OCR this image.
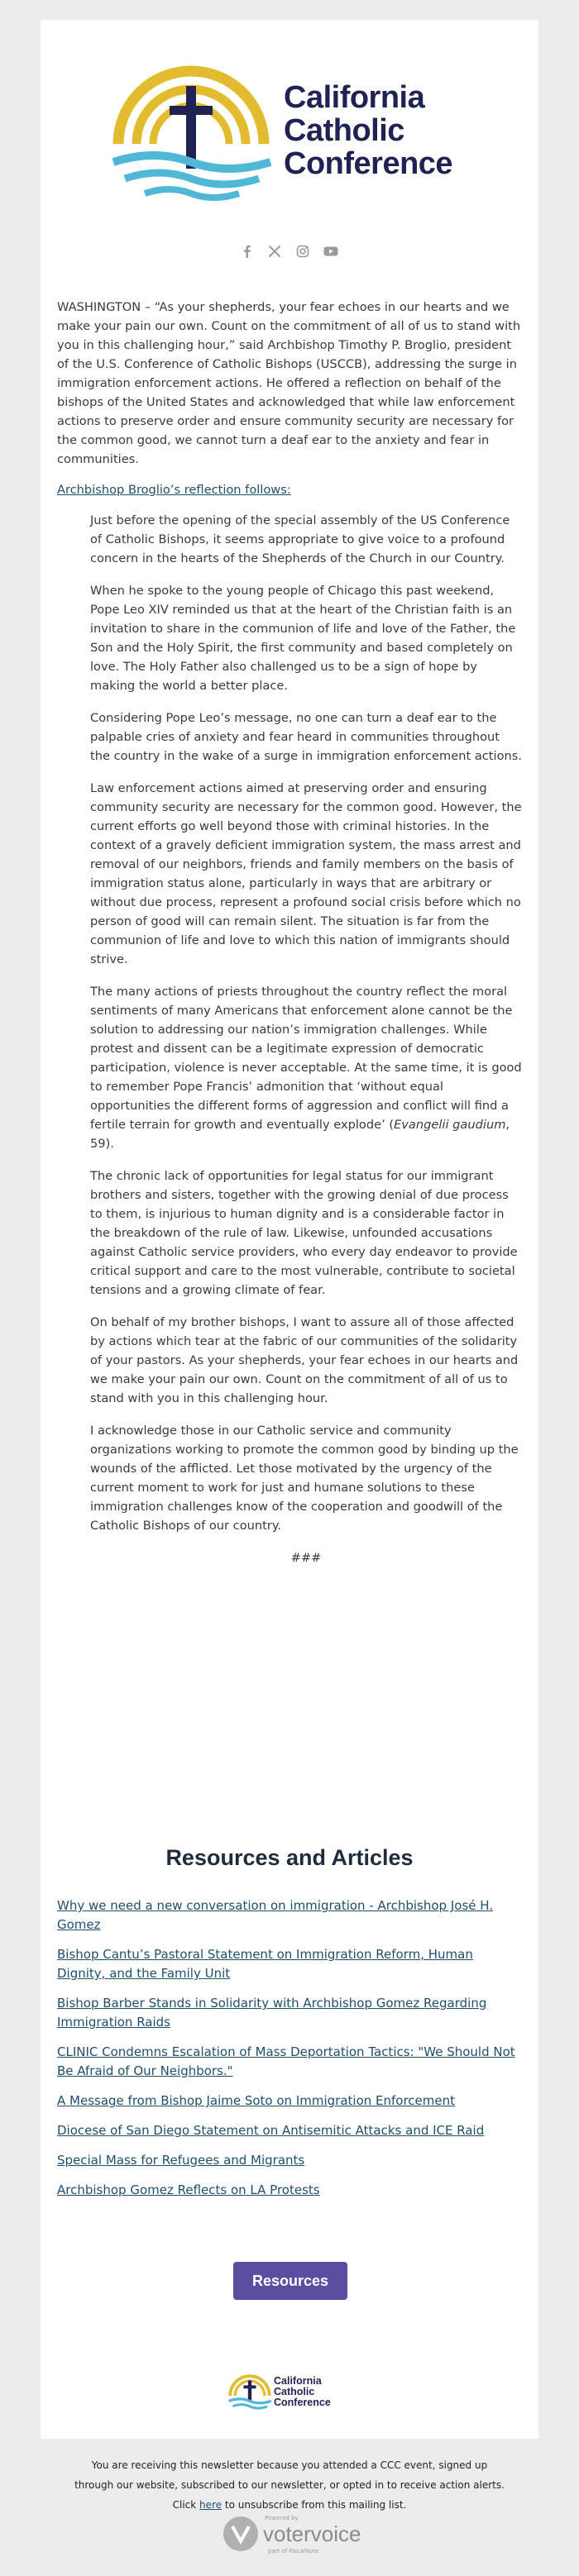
California
Catholic
Conference

WASHINGTON – “As your shepherds, your fear echoes in our hearts and we make your pain our own. Count on the commitment of all of us to stand with you in this challenging hour,” said Archbishop Timothy P. Broglio, president of the U.S. Conference of Catholic Bishops (USCCB), addressing the surge in immigration enforcement actions. He offered a reflection on behalf of the bishops of the United States and acknowledged that while law enforcement actions to preserve order and ensure community security are necessary for the common good, we cannot turn a deaf ear to the anxiety and fear in communities.

Archbishop Broglio’s reflection follows:

Just before the opening of the special assembly of the US Conference of Catholic Bishops, it seems appropriate to give voice to a profound concern in the hearts of the Shepherds of the Church in our Country.

When he spoke to the young people of Chicago this past weekend, Pope Leo XIV reminded us that at the heart of the Christian faith is an invitation to share in the communion of life and love of the Father, the Son and the Holy Spirit, the first community and based completely on love. The Holy Father also challenged us to be a sign of hope by making the world a better place.

Considering Pope Leo’s message, no one can turn a deaf ear to the palpable cries of anxiety and fear heard in communities throughout the country in the wake of a surge in immigration enforcement actions.

Law enforcement actions aimed at preserving order and ensuring community security are necessary for the common good. However, the current efforts go well beyond those with criminal histories. In the context of a gravely deficient immigration system, the mass arrest and removal of our neighbors, friends and family members on the basis of immigration status alone, particularly in ways that are arbitrary or without due process, represent a profound social crisis before which no person of good will can remain silent. The situation is far from the communion of life and love to which this nation of immigrants should strive.

The many actions of priests throughout the country reflect the moral sentiments of many Americans that enforcement alone cannot be the solution to addressing our nation’s immigration challenges. While protest and dissent can be a legitimate expression of democratic participation, violence is never acceptable. At the same time, it is good to remember Pope Francis’ admonition that ‘without equal opportunities the different forms of aggression and conflict will find a fertile terrain for growth and eventually explode’ (Evangelii gaudium, 59).

The chronic lack of opportunities for legal status for our immigrant brothers and sisters, together with the growing denial of due process to them, is injurious to human dignity and is a considerable factor in the breakdown of the rule of law. Likewise, unfounded accusations against Catholic service providers, who every day endeavor to provide critical support and care to the most vulnerable, contribute to societal tensions and a growing climate of fear.

On behalf of my brother bishops, I want to assure all of those affected by actions which tear at the fabric of our communities of the solidarity of your pastors. As your shepherds, your fear echoes in our hearts and we make your pain our own. Count on the commitment of all of us to stand with you in this challenging hour.

I acknowledge those in our Catholic service and community organizations working to promote the common good by binding up the wounds of the afflicted. Let those motivated by the urgency of the current moment to work for just and humane solutions to these immigration challenges know of the cooperation and goodwill of the Catholic Bishops of our country.

###

Resources and Articles
Why we need a new conversation on immigration - Archbishop José H. Gomez
Bishop Cantu’s Pastoral Statement on Immigration Reform, Human Dignity, and the Family Unit
Bishop Barber Stands in Solidarity with Archbishop Gomez Regarding Immigration Raids
CLINIC Condemns Escalation of Mass Deportation Tactics: "We Should Not Be Afraid of Our Neighbors."
A Message from Bishop Jaime Soto on Immigration Enforcement
Diocese of San Diego Statement on Antisemitic Attacks and ICE Raid
Special Mass for Refugees and Migrants
Archbishop Gomez Reflects on LA Protests
Resources
California
Catholic
Conference
You are receiving this newsletter because you attended a CCC event, signed up through our website, subscribed to our newsletter, or opted in to receive action alerts.
Click here to unsubscribe from this mailing list.
Powered by
votervoice
part of FiscalNote
